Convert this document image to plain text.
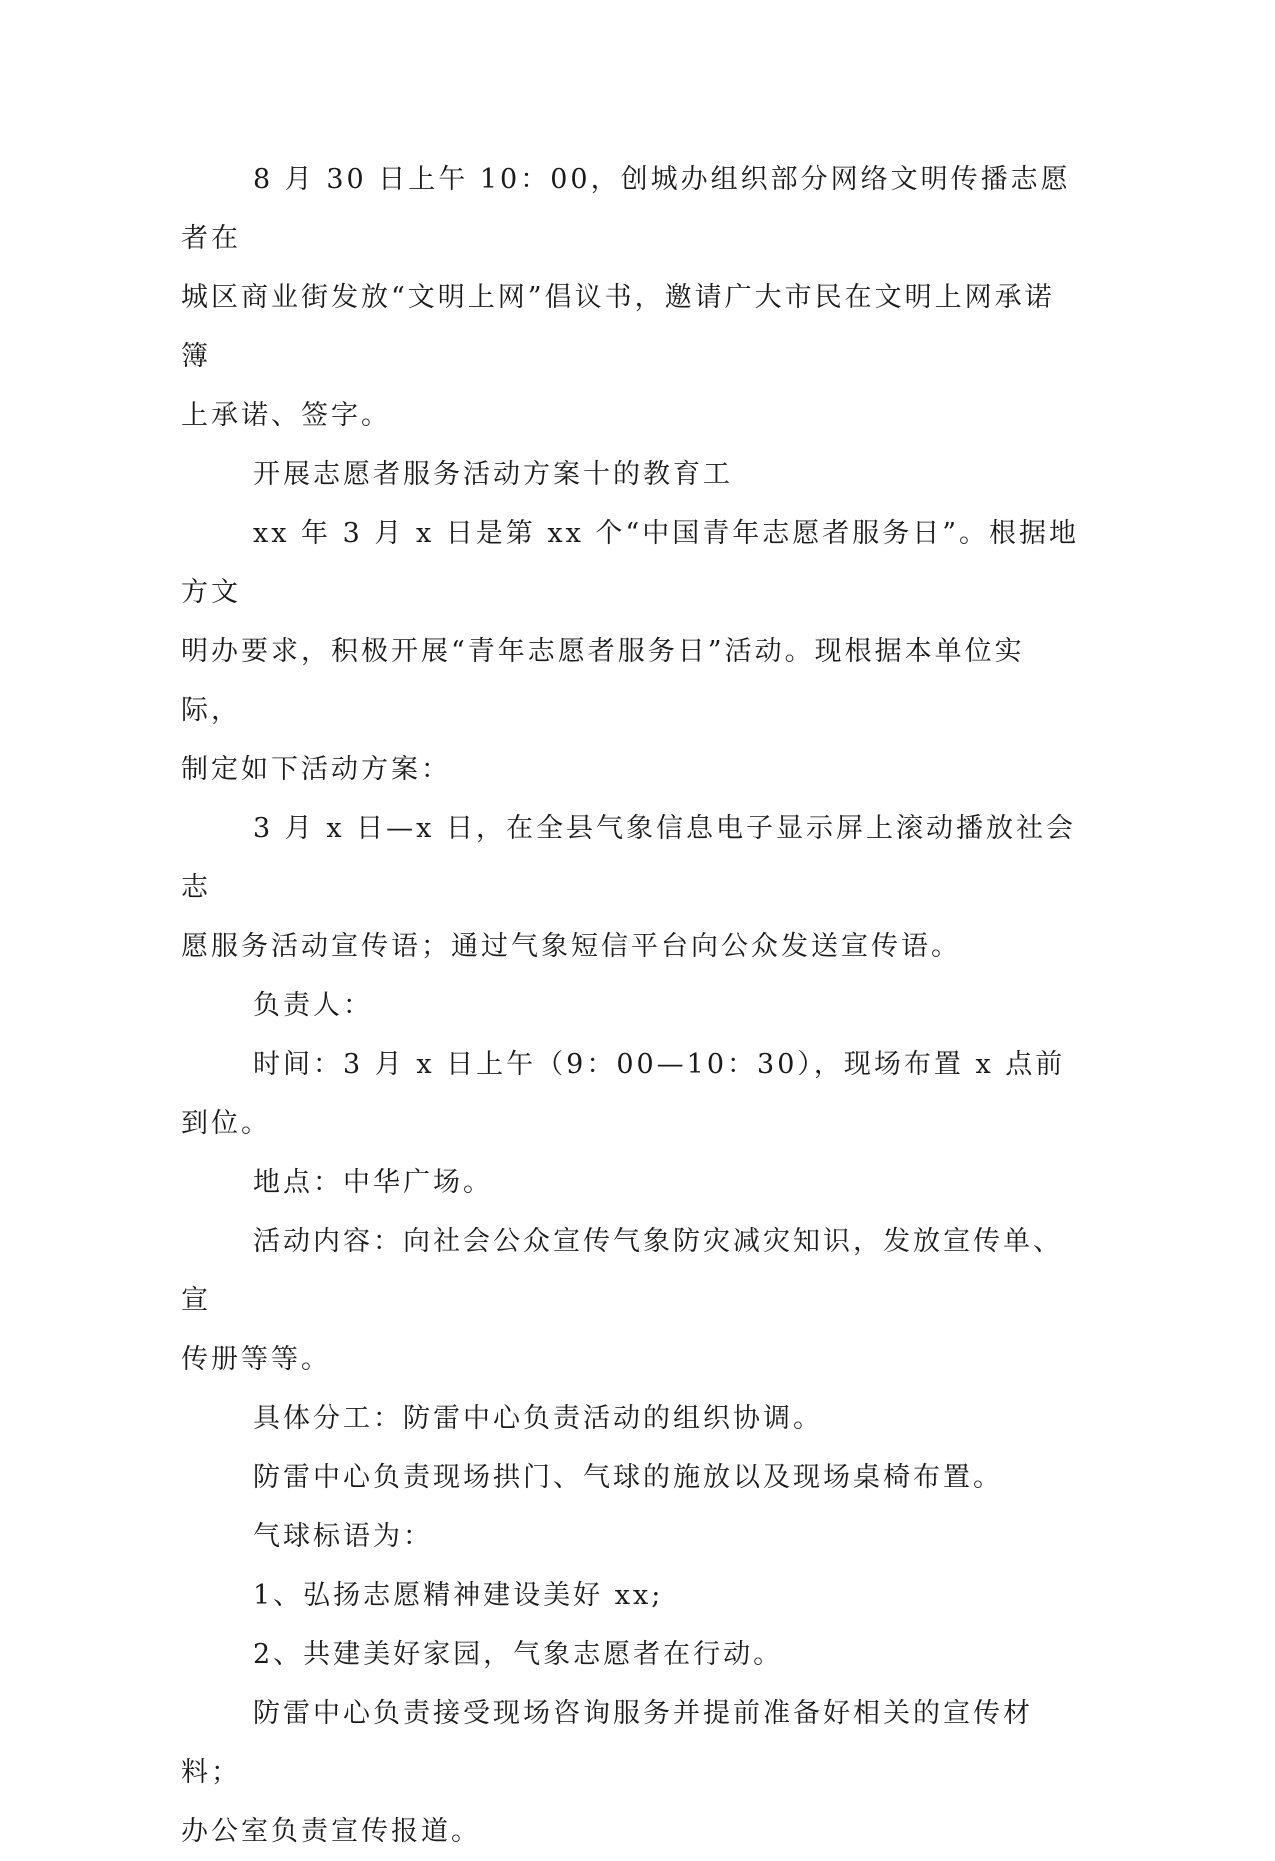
8 月 30 日上午 10：00，创城办组织部分网络文明传播志愿者在
城区商业街发放“文明上网”倡议书，邀请广大市民在文明上网承诺簿
上承诺、签字。
开展志愿者服务活动方案十的教育工
xx 年 3 月 x 日是第 xx 个“中国青年志愿者服务日”。根据地方文
明办要求，积极开展“青年志愿者服务日”活动。现根据本单位实际，
制定如下活动方案：
3 月 x 日—x 日，在全县气象信息电子显示屏上滚动播放社会志
愿服务活动宣传语；通过气象短信平台向公众发送宣传语。
负责人：
时间：3 月 x 日上午（9：00—10：30），现场布置 x 点前到位。
地点：中华广场。
活动内容：向社会公众宣传气象防灾减灾知识，发放宣传单、宣
传册等等。
具体分工：防雷中心负责活动的组织协调。
防雷中心负责现场拱门、气球的施放以及现场桌椅布置。
气球标语为：
1、弘扬志愿精神建设美好 xx;
2、共建美好家园，气象志愿者在行动。
防雷中心负责接受现场咨询服务并提前准备好相关的宣传材料；
办公室负责宣传报道。
